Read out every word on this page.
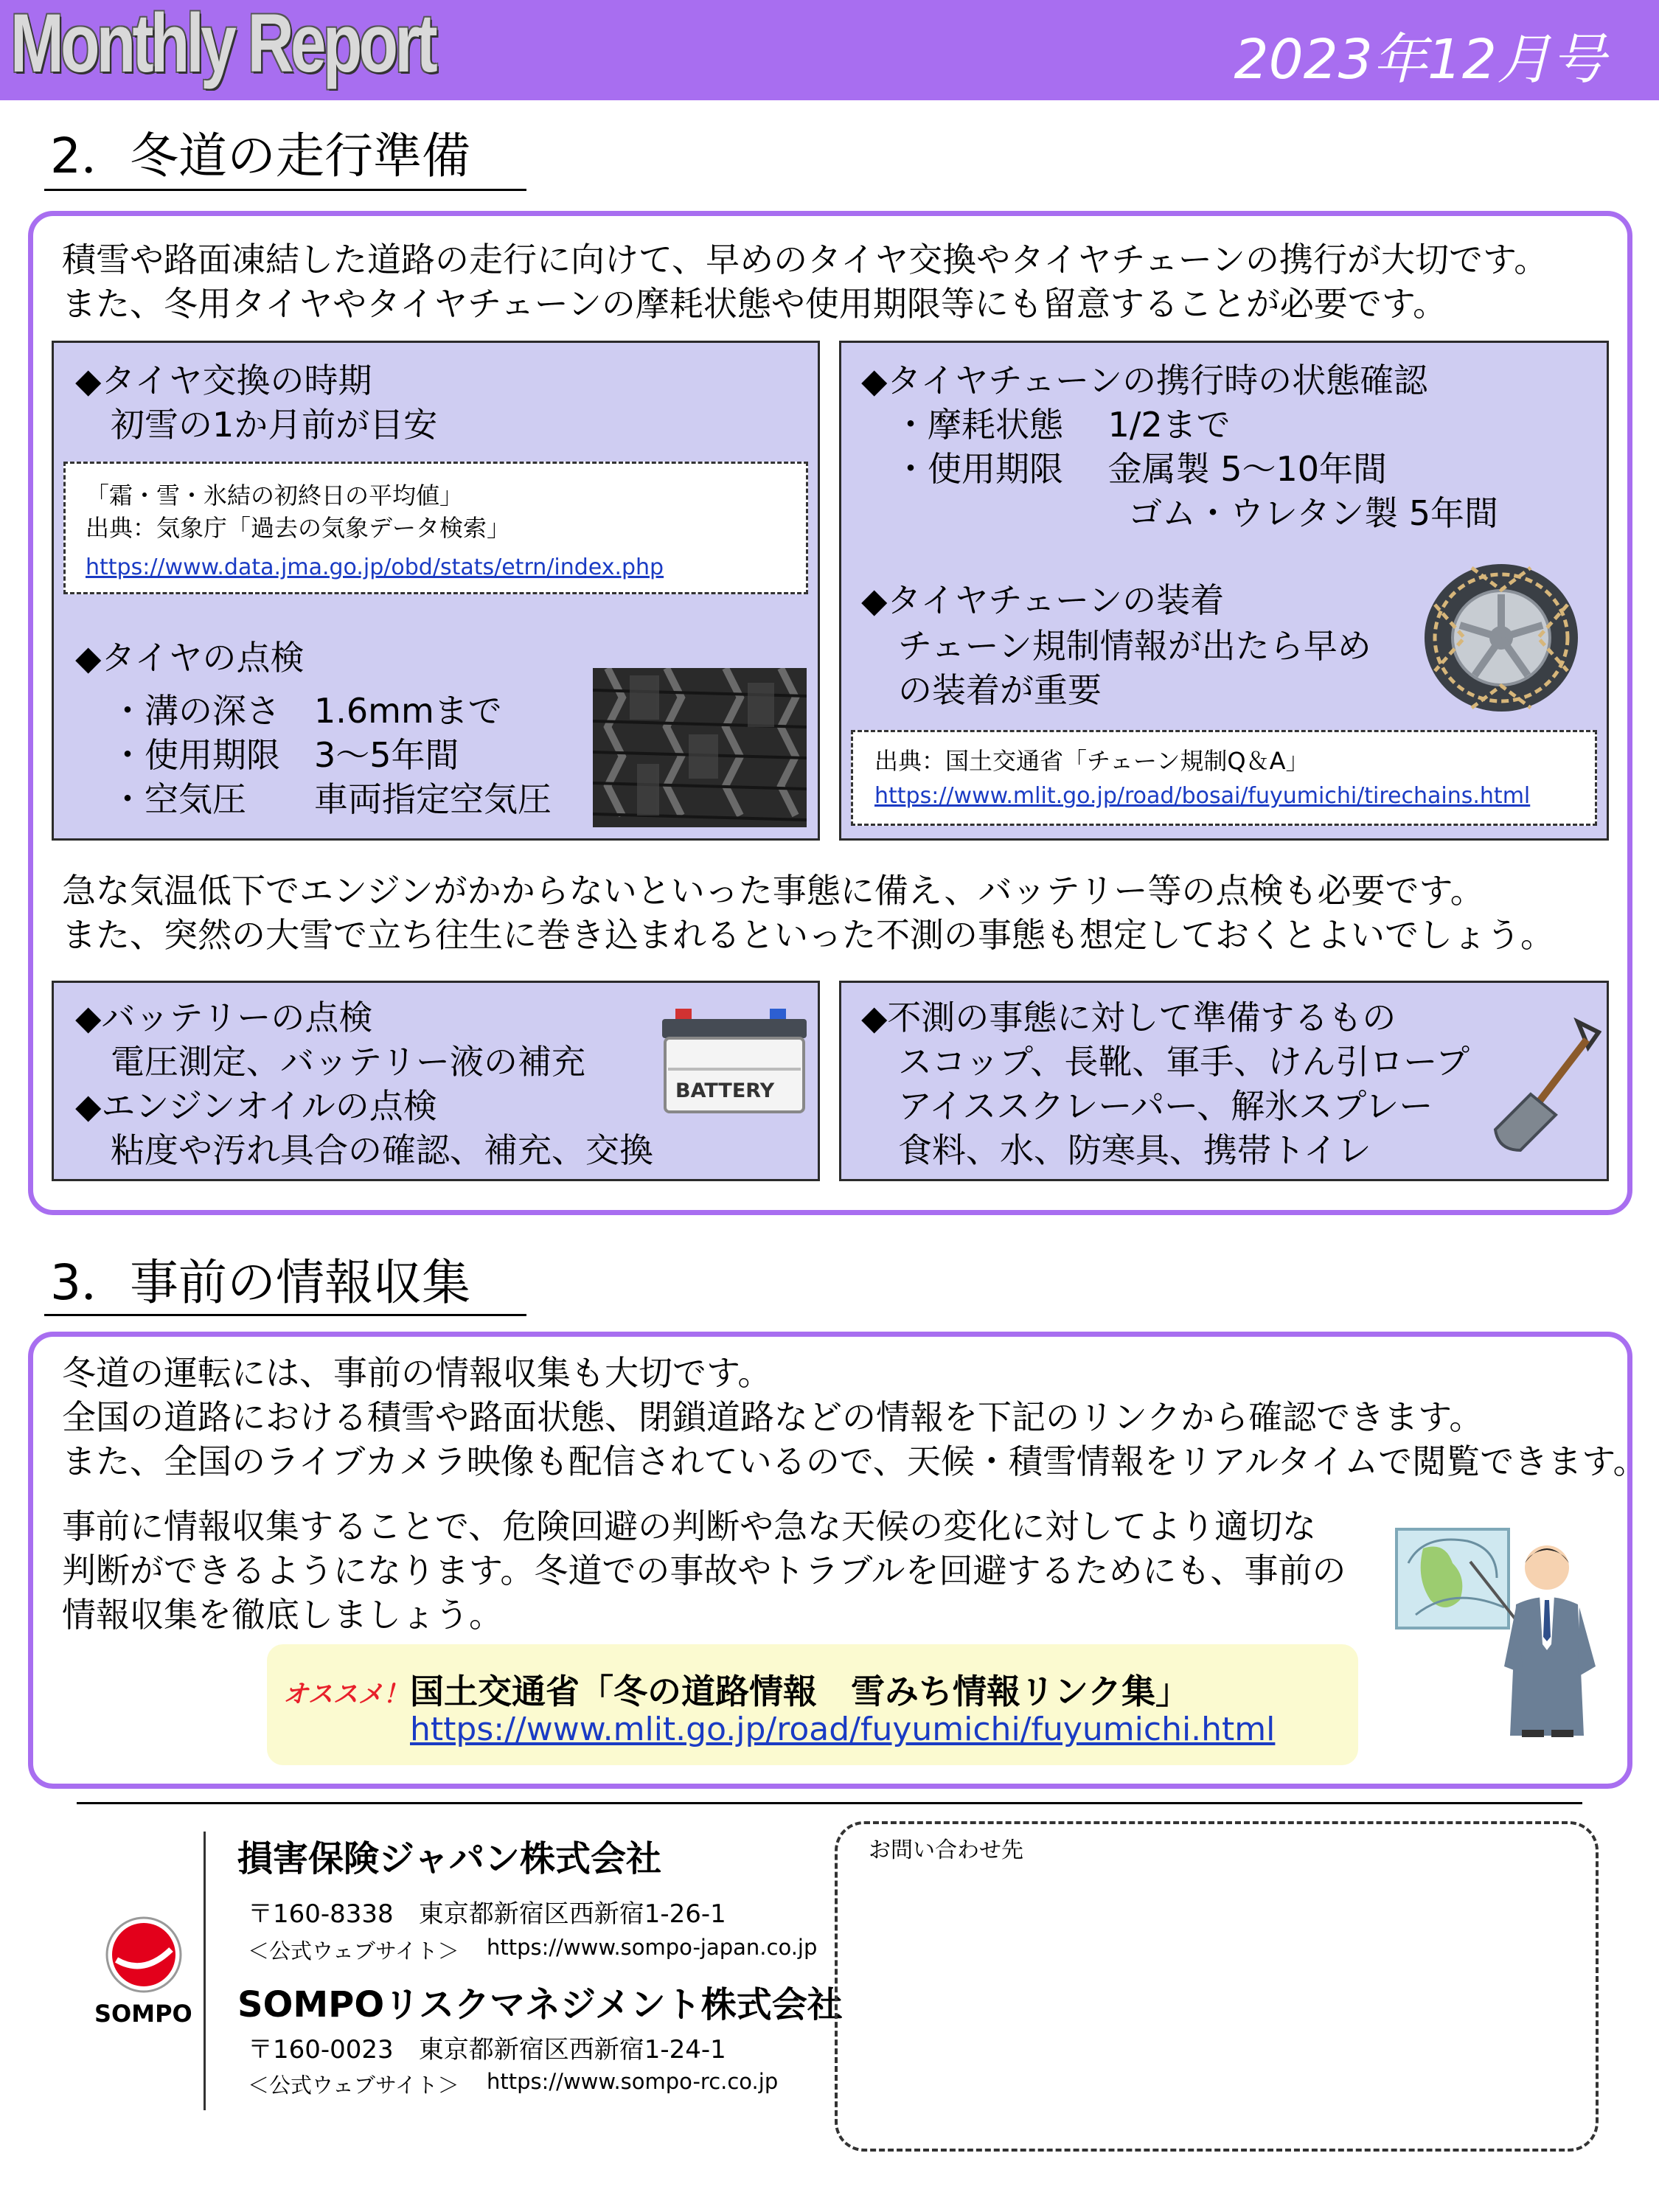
Monthly Report	2023年12月号
2．冬道の走行準備
積雪や路面凍結した道路の走行に向けて、早めのタイヤ交換やタイヤチェーンの携行が大切です。
また、冬用タイヤやタイヤチェーンの摩耗状態や使用期限等にも留意することが必要です。
◆タイヤ交換の時期
初雪の1か月前が目安
「霜・雪・氷結の初終日の平均値」
出典：気象庁「過去の気象データ検索」
https://www.data.jma.go.jp/obd/stats/etrn/index.php
◆タイヤの点検
・溝の深さ　1.6mmまで
・使用期限　3～5年間
・空気圧　　車両指定空気圧
◆タイヤチェーンの携行時の状態確認
・摩耗状態　 1/2まで
・使用期限　 金属製 5～10年間
ゴム・ウレタン製 5年間
◆タイヤチェーンの装着
チェーン規制情報が出たら早め
の装着が重要
出典：国土交通省「チェーン規制Q＆A」
https://www.mlit.go.jp/road/bosai/fuyumichi/tirechains.html
急な気温低下でエンジンがかからないといった事態に備え、バッテリー等の点検も必要です。
また、突然の大雪で立ち往生に巻き込まれるといった不測の事態も想定しておくとよいでしょう。
◆バッテリーの点検
電圧測定、バッテリー液の補充
◆エンジンオイルの点検
粘度や汚れ具合の確認、補充、交換
BATTERY
◆不測の事態に対して準備するもの
スコップ、長靴、軍手、けん引ロープ
アイススクレーパー、解氷スプレー
食料、水、防寒具、携帯トイレ
3．事前の情報収集
冬道の運転には、事前の情報収集も大切です。
全国の道路における積雪や路面状態、閉鎖道路などの情報を下記のリンクから確認できます。
また、全国のライブカメラ映像も配信されているので、天候・積雪情報をリアルタイムで閲覧できます。
事前に情報収集することで、危険回避の判断や急な天候の変化に対してより適切な
判断ができるようになります。冬道での事故やトラブルを回避するためにも、事前の
情報収集を徹底しましょう。
オススメ！ 国土交通省「冬の道路情報　雪みち情報リンク集」
https://www.mlit.go.jp/road/fuyumichi/fuyumichi.html
SOMPO
損害保険ジャパン株式会社
〒160-8338　東京都新宿区西新宿1-26-1
＜公式ウェブサイト＞ https://www.sompo-japan.co.jp
SOMPOリスクマネジメント株式会社
〒160-0023　東京都新宿区西新宿1-24-1
＜公式ウェブサイト＞ https://www.sompo-rc.co.jp
お問い合わせ先
